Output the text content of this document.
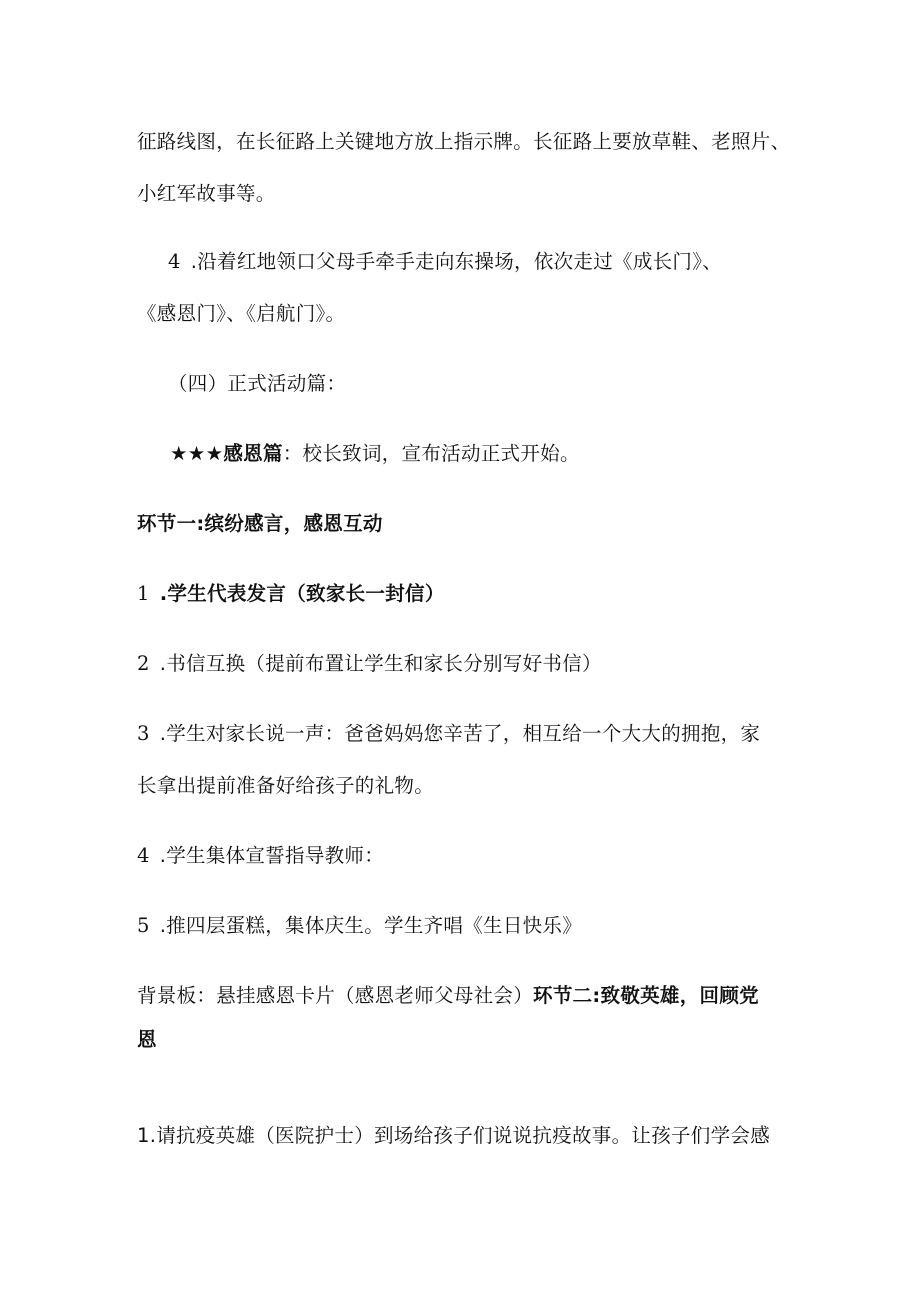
征路线图，在长征路上关键地方放上指示牌。长征路上要放草鞋、老照片、
小红军故事等。
4 .沿着红地领口父母手牵手走向东操场，依次走过《成长门》、
《感恩门》、《启航门》。
（四）正式活动篇：
★★★感恩篇：校长致词，宣布活动正式开始。
环节一:缤纷感言，感恩互动
1 .学生代表发言（致家长一封信）
2 .书信互换（提前布置让学生和家长分别写好书信）
3 .学生对家长说一声：爸爸妈妈您辛苦了，相互给一个大大的拥抱，家
长拿出提前准备好给孩子的礼物。
4 .学生集体宣誓指导教师：
5 .推四层蛋糕，集体庆生。学生齐唱《生日快乐》
背景板：悬挂感恩卡片（感恩老师父母社会）环节二:致敬英雄，回顾党
恩
1.请抗疫英雄（医院护士）到场给孩子们说说抗疫故事。让孩子们学会感
